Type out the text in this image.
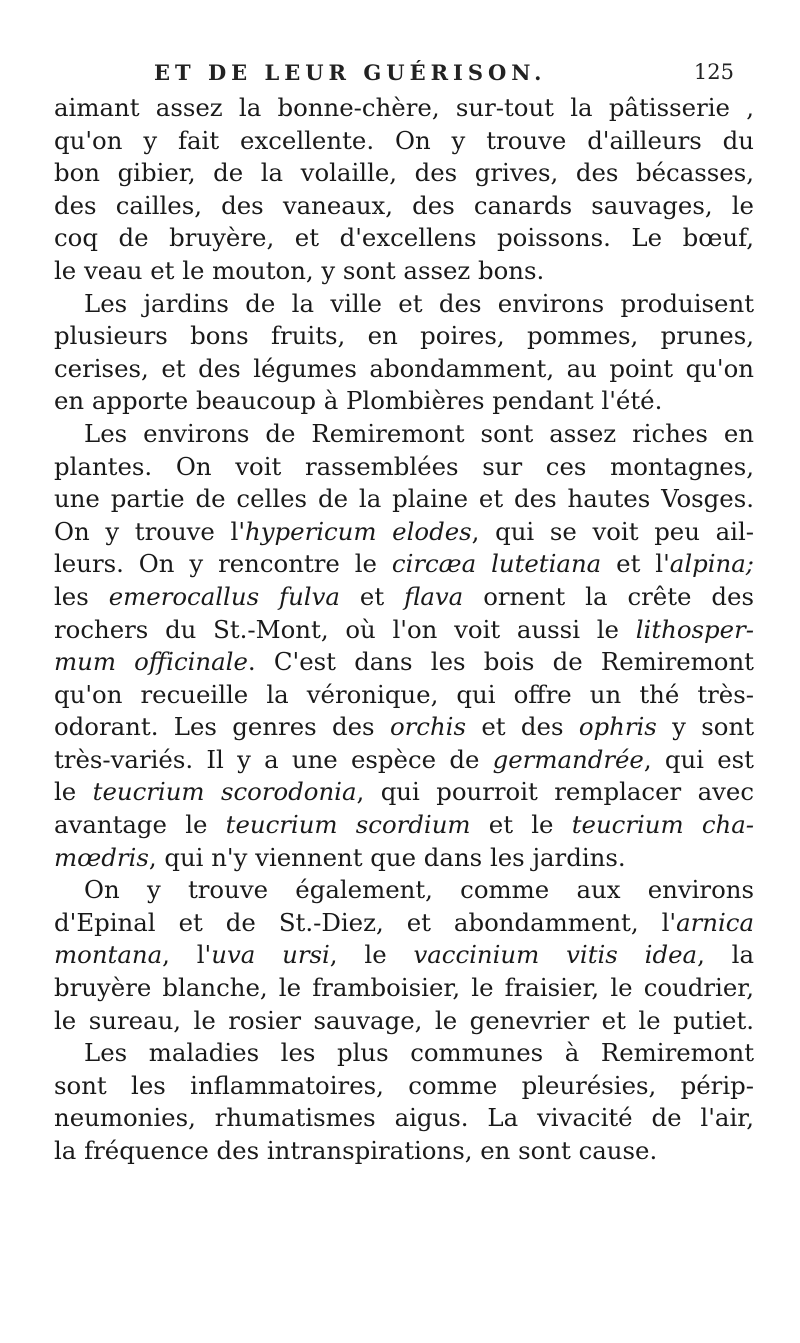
ET DE LEUR GUÉRISON.	125
aimant assez la bonne-chère, sur-tout la pâtisserie ,
qu'on y fait excellente. On y trouve d'ailleurs du
bon gibier, de la volaille, des grives, des bécasses,
des cailles, des vaneaux, des canards sauvages, le
coq de bruyère, et d'excellens poissons. Le bœuf,
le veau et le mouton, y sont assez bons.
Les jardins de la ville et des environs produisent
plusieurs bons fruits, en poires, pommes, prunes,
cerises, et des légumes abondamment, au point qu'on
en apporte beaucoup à Plombières pendant l'été.
Les environs de Remiremont sont assez riches en
plantes. On voit rassemblées sur ces montagnes,
une partie de celles de la plaine et des hautes Vosges.
On y trouve l'hypericum elodes, qui se voit peu ail-
leurs. On y rencontre le circæa lutetiana et l'alpina;
les emerocallus fulva et flava ornent la crête des
rochers du St.-Mont, où l'on voit aussi le lithosper-
mum officinale. C'est dans les bois de Remiremont
qu'on recueille la véronique, qui offre un thé très-
odorant. Les genres des orchis et des ophris y sont
très-variés. Il y a une espèce de germandrée, qui est
le teucrium scorodonia, qui pourroit remplacer avec
avantage le teucrium scordium et le teucrium cha-
mœdris, qui n'y viennent que dans les jardins.
On y trouve également, comme aux environs
d'Epinal et de St.-Diez, et abondamment, l'arnica
montana, l'uva ursi, le vaccinium vitis idea, la
bruyère blanche, le framboisier, le fraisier, le coudrier,
le sureau, le rosier sauvage, le genevrier et le putiet.
Les maladies les plus communes à Remiremont
sont les inflammatoires, comme pleurésies, périp-
neumonies, rhumatismes aigus. La vivacité de l'air,
la fréquence des intranspirations, en sont cause.
